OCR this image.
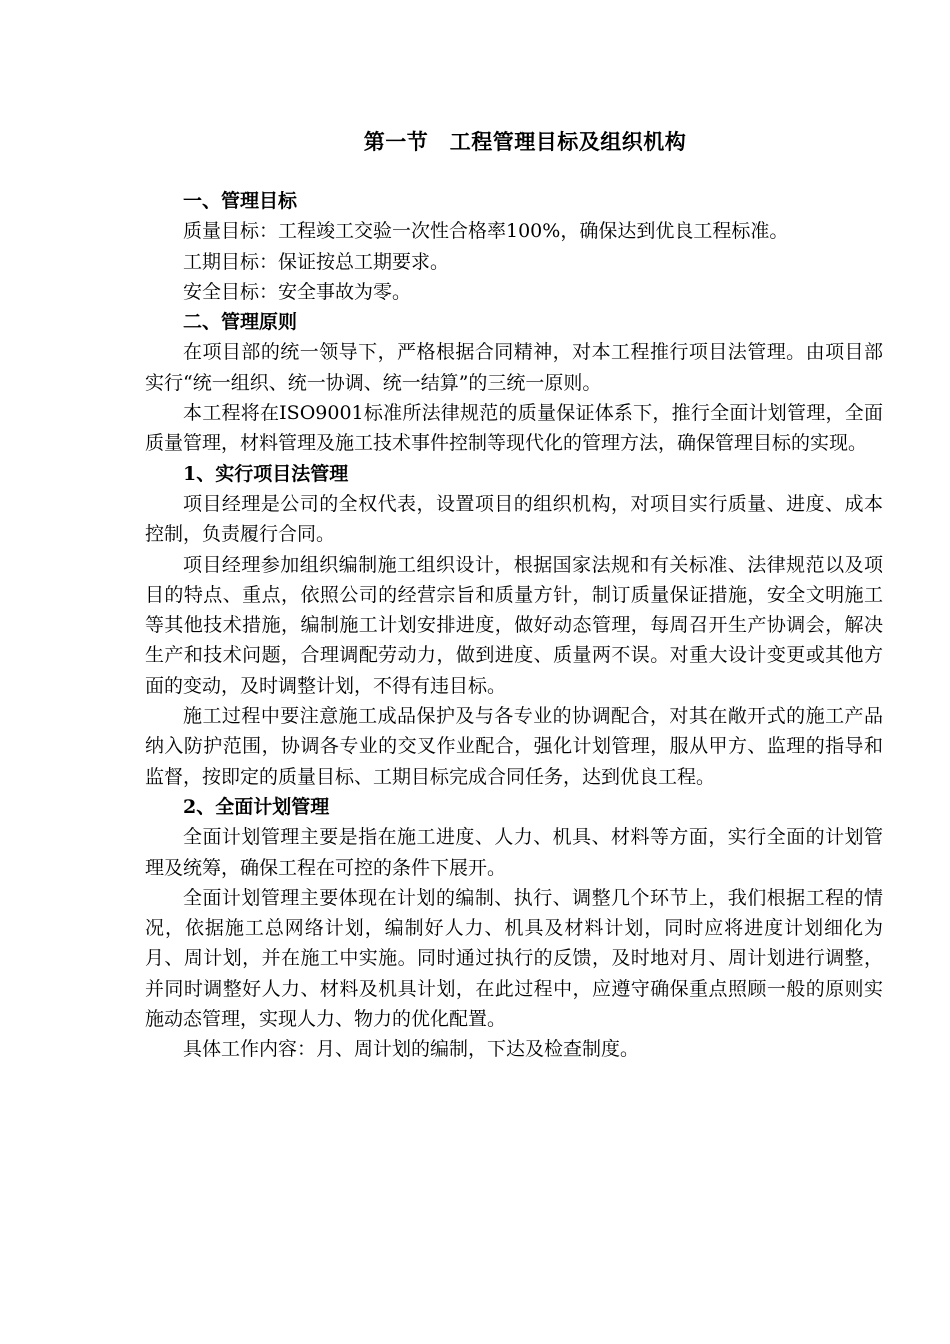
第一节　工程管理目标及组织机构

一、管理目标

质量目标：工程竣工交验一次性合格率100%，确保达到优良工程标准。

工期目标：保证按总工期要求。

安全目标：安全事故为零。

二、管理原则

在项目部的统一领导下，严格根据合同精神，对本工程推行项目法管理。由项目部实行“统一组织、统一协调、统一结算”的三统一原则。

本工程将在ISO9001标准所法律规范的质量保证体系下，推行全面计划管理，全面质量管理，材料管理及施工技术事件控制等现代化的管理方法，确保管理目标的实现。

1、实行项目法管理

项目经理是公司的全权代表，设置项目的组织机构，对项目实行质量、进度、成本控制，负责履行合同。

项目经理参加组织编制施工组织设计，根据国家法规和有关标准、法律规范以及项目的特点、重点，依照公司的经营宗旨和质量方针，制订质量保证措施，安全文明施工等其他技术措施，编制施工计划安排进度，做好动态管理，每周召开生产协调会，解决生产和技术问题，合理调配劳动力，做到进度、质量两不误。对重大设计变更或其他方面的变动，及时调整计划，不得有违目标。

施工过程中要注意施工成品保护及与各专业的协调配合，对其在敞开式的施工产品纳入防护范围，协调各专业的交叉作业配合，强化计划管理，服从甲方、监理的指导和监督，按即定的质量目标、工期目标完成合同任务，达到优良工程。

2、全面计划管理

全面计划管理主要是指在施工进度、人力、机具、材料等方面，实行全面的计划管理及统筹，确保工程在可控的条件下展开。

全面计划管理主要体现在计划的编制、执行、调整几个环节上，我们根据工程的情况，依据施工总网络计划，编制好人力、机具及材料计划，同时应将进度计划细化为月、周计划，并在施工中实施。同时通过执行的反馈，及时地对月、周计划进行调整，并同时调整好人力、材料及机具计划，在此过程中，应遵守确保重点照顾一般的原则实施动态管理，实现人力、物力的优化配置。

具体工作内容：月、周计划的编制，下达及检查制度。
